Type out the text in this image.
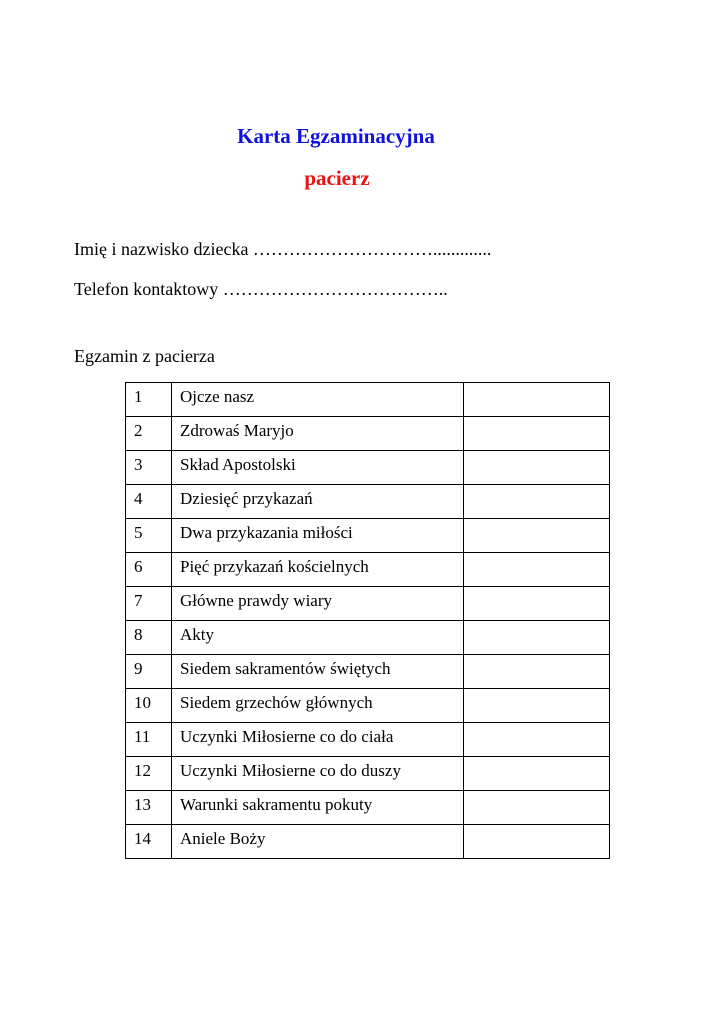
Karta Egzaminacyjna
pacierz

Imię i nazwisko dziecka ………………………….............

Telefon kontaktowy ………………………………..

Egzamin z pacierza

1	Ojcze nasz	
2	Zdrowaś Maryjo	
3	Skład Apostolski	
4	Dziesięć przykazań	
5	Dwa przykazania miłości	
6	Pięć przykazań kościelnych	
7	Główne prawdy wiary	
8	Akty	
9	Siedem sakramentów świętych	
10	Siedem grzechów głównych	
11	Uczynki Miłosierne co do ciała	
12	Uczynki Miłosierne co do duszy	
13	Warunki sakramentu pokuty	
14	Aniele Boży	
